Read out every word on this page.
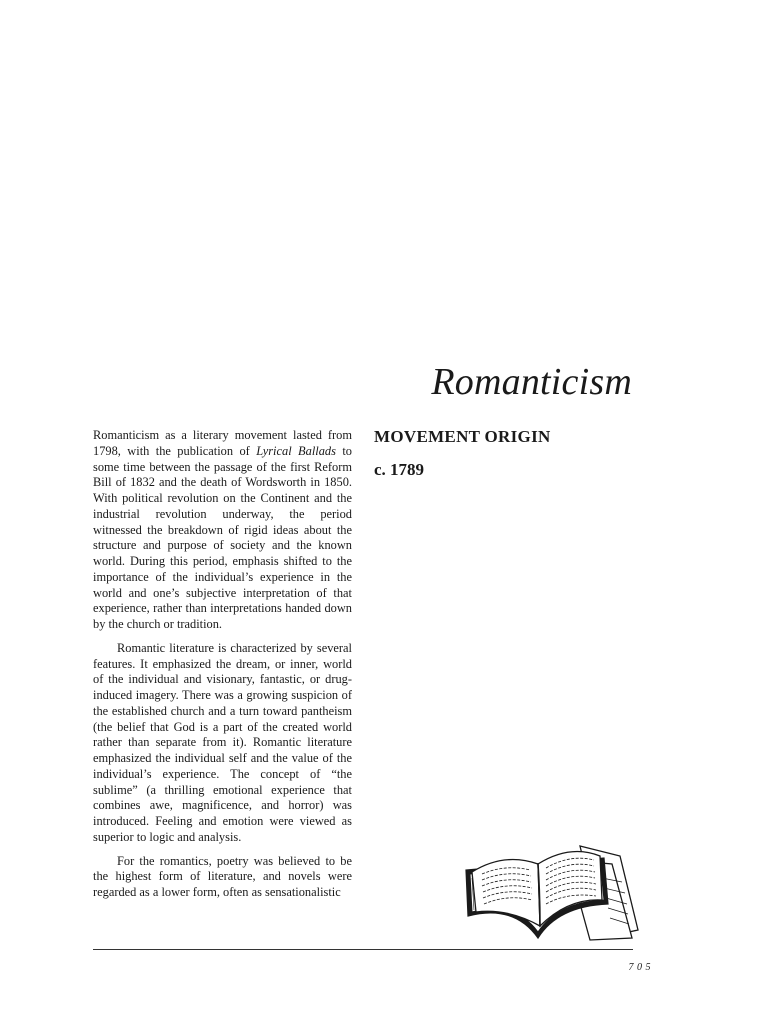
Romanticism

Romanticism as a literary movement lasted from 1798, with the publication of Lyrical Ballads to some time between the passage of the first Reform Bill of 1832 and the death of Wordsworth in 1850. With political revolution on the Continent and the industrial revolution underway, the period witnessed the breakdown of rigid ideas about the structure and purpose of society and the known world. During this period, emphasis shifted to the importance of the individual’s experience in the world and one’s subjective interpretation of that experience, rather than interpretations handed down by the church or tradition.

Romantic literature is characterized by several features. It emphasized the dream, or inner, world of the individual and visionary, fantastic, or drug-induced imagery. There was a growing suspicion of the established church and a turn toward pantheism (the belief that God is a part of the created world rather than separate from it). Romantic literature emphasized the individual self and the value of the individual’s experience. The concept of “the sublime” (a thrilling emotional experience that combines awe, magnificence, and horror) was introduced. Feeling and emotion were viewed as superior to logic and analysis.

For the romantics, poetry was believed to be the highest form of literature, and novels were regarded as a lower form, often as sensationalistic

MOVEMENT ORIGIN
c. 1789
705
